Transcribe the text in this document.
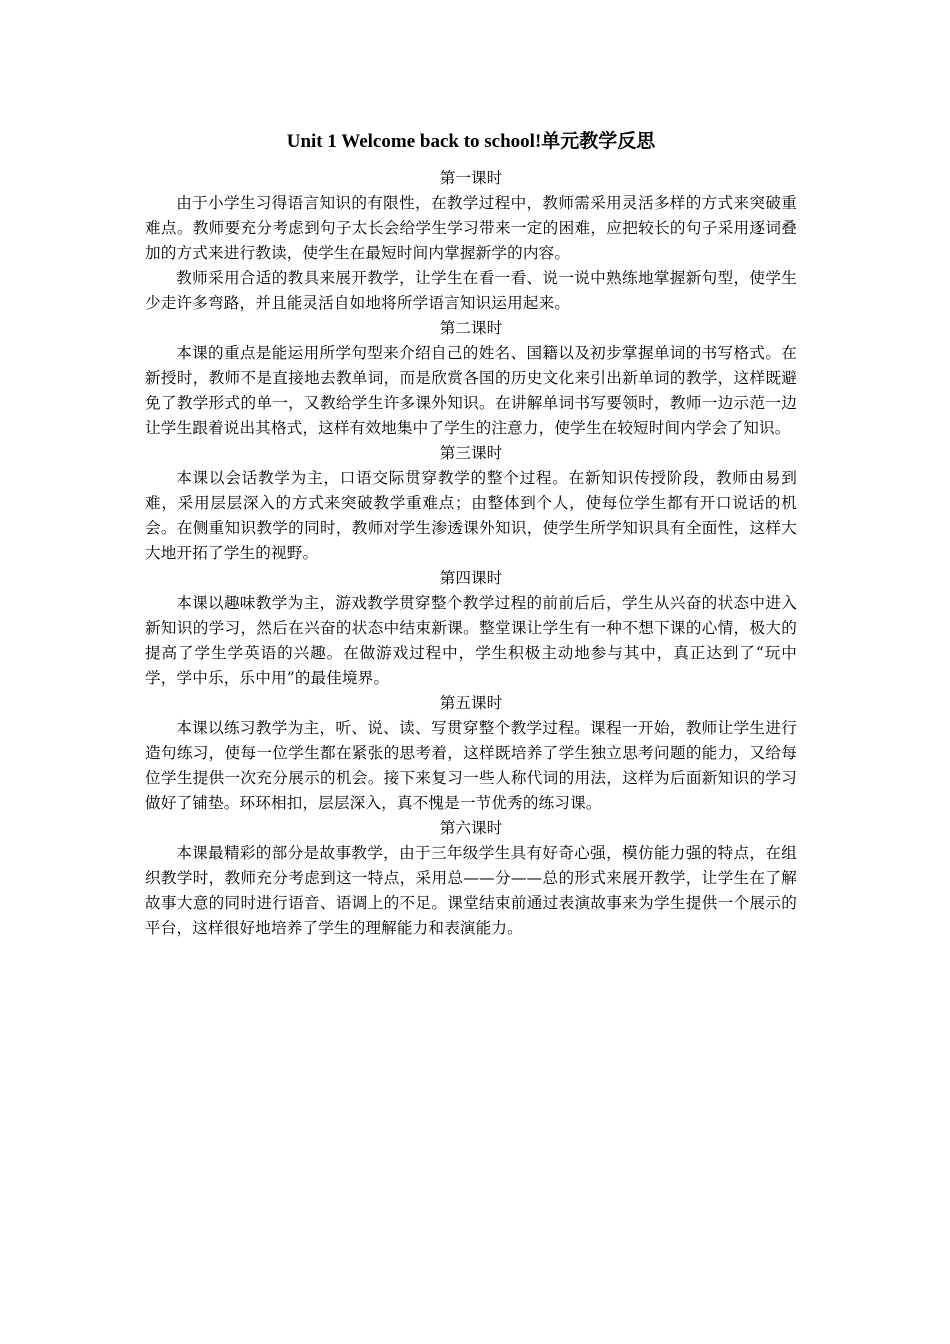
Unit 1 Welcome back to school!单元教学反思

第一课时

由于小学生习得语言知识的有限性，在教学过程中，教师需采用灵活多样的方式来突破重难点。教师要充分考虑到句子太长会给学生学习带来一定的困难，应把较长的句子采用逐词叠加的方式来进行教读，使学生在最短时间内掌握新学的内容。

教师采用合适的教具来展开教学，让学生在看一看、说一说中熟练地掌握新句型，使学生少走许多弯路，并且能灵活自如地将所学语言知识运用起来。

第二课时

本课的重点是能运用所学句型来介绍自己的姓名、国籍以及初步掌握单词的书写格式。在新授时，教师不是直接地去教单词，而是欣赏各国的历史文化来引出新单词的教学，这样既避免了教学形式的单一，又教给学生许多课外知识。在讲解单词书写要领时，教师一边示范一边让学生跟着说出其格式，这样有效地集中了学生的注意力，使学生在较短时间内学会了知识。

第三课时

本课以会话教学为主，口语交际贯穿教学的整个过程。在新知识传授阶段，教师由易到难，采用层层深入的方式来突破教学重难点；由整体到个人，使每位学生都有开口说话的机会。在侧重知识教学的同时，教师对学生渗透课外知识，使学生所学知识具有全面性，这样大大地开拓了学生的视野。

第四课时

本课以趣味教学为主，游戏教学贯穿整个教学过程的前前后后，学生从兴奋的状态中进入新知识的学习，然后在兴奋的状态中结束新课。整堂课让学生有一种不想下课的心情，极大的提高了学生学英语的兴趣。在做游戏过程中，学生积极主动地参与其中，真正达到了“玩中学，学中乐，乐中用”的最佳境界。

第五课时

本课以练习教学为主，听、说、读、写贯穿整个教学过程。课程一开始，教师让学生进行造句练习，使每一位学生都在紧张的思考着，这样既培养了学生独立思考问题的能力，又给每位学生提供一次充分展示的机会。接下来复习一些人称代词的用法，这样为后面新知识的学习做好了铺垫。环环相扣，层层深入，真不愧是一节优秀的练习课。

第六课时

本课最精彩的部分是故事教学，由于三年级学生具有好奇心强，模仿能力强的特点，在组织教学时，教师充分考虑到这一特点，采用总——分——总的形式来展开教学，让学生在了解故事大意的同时进行语音、语调上的不足。课堂结束前通过表演故事来为学生提供一个展示的平台，这样很好地培养了学生的理解能力和表演能力。
